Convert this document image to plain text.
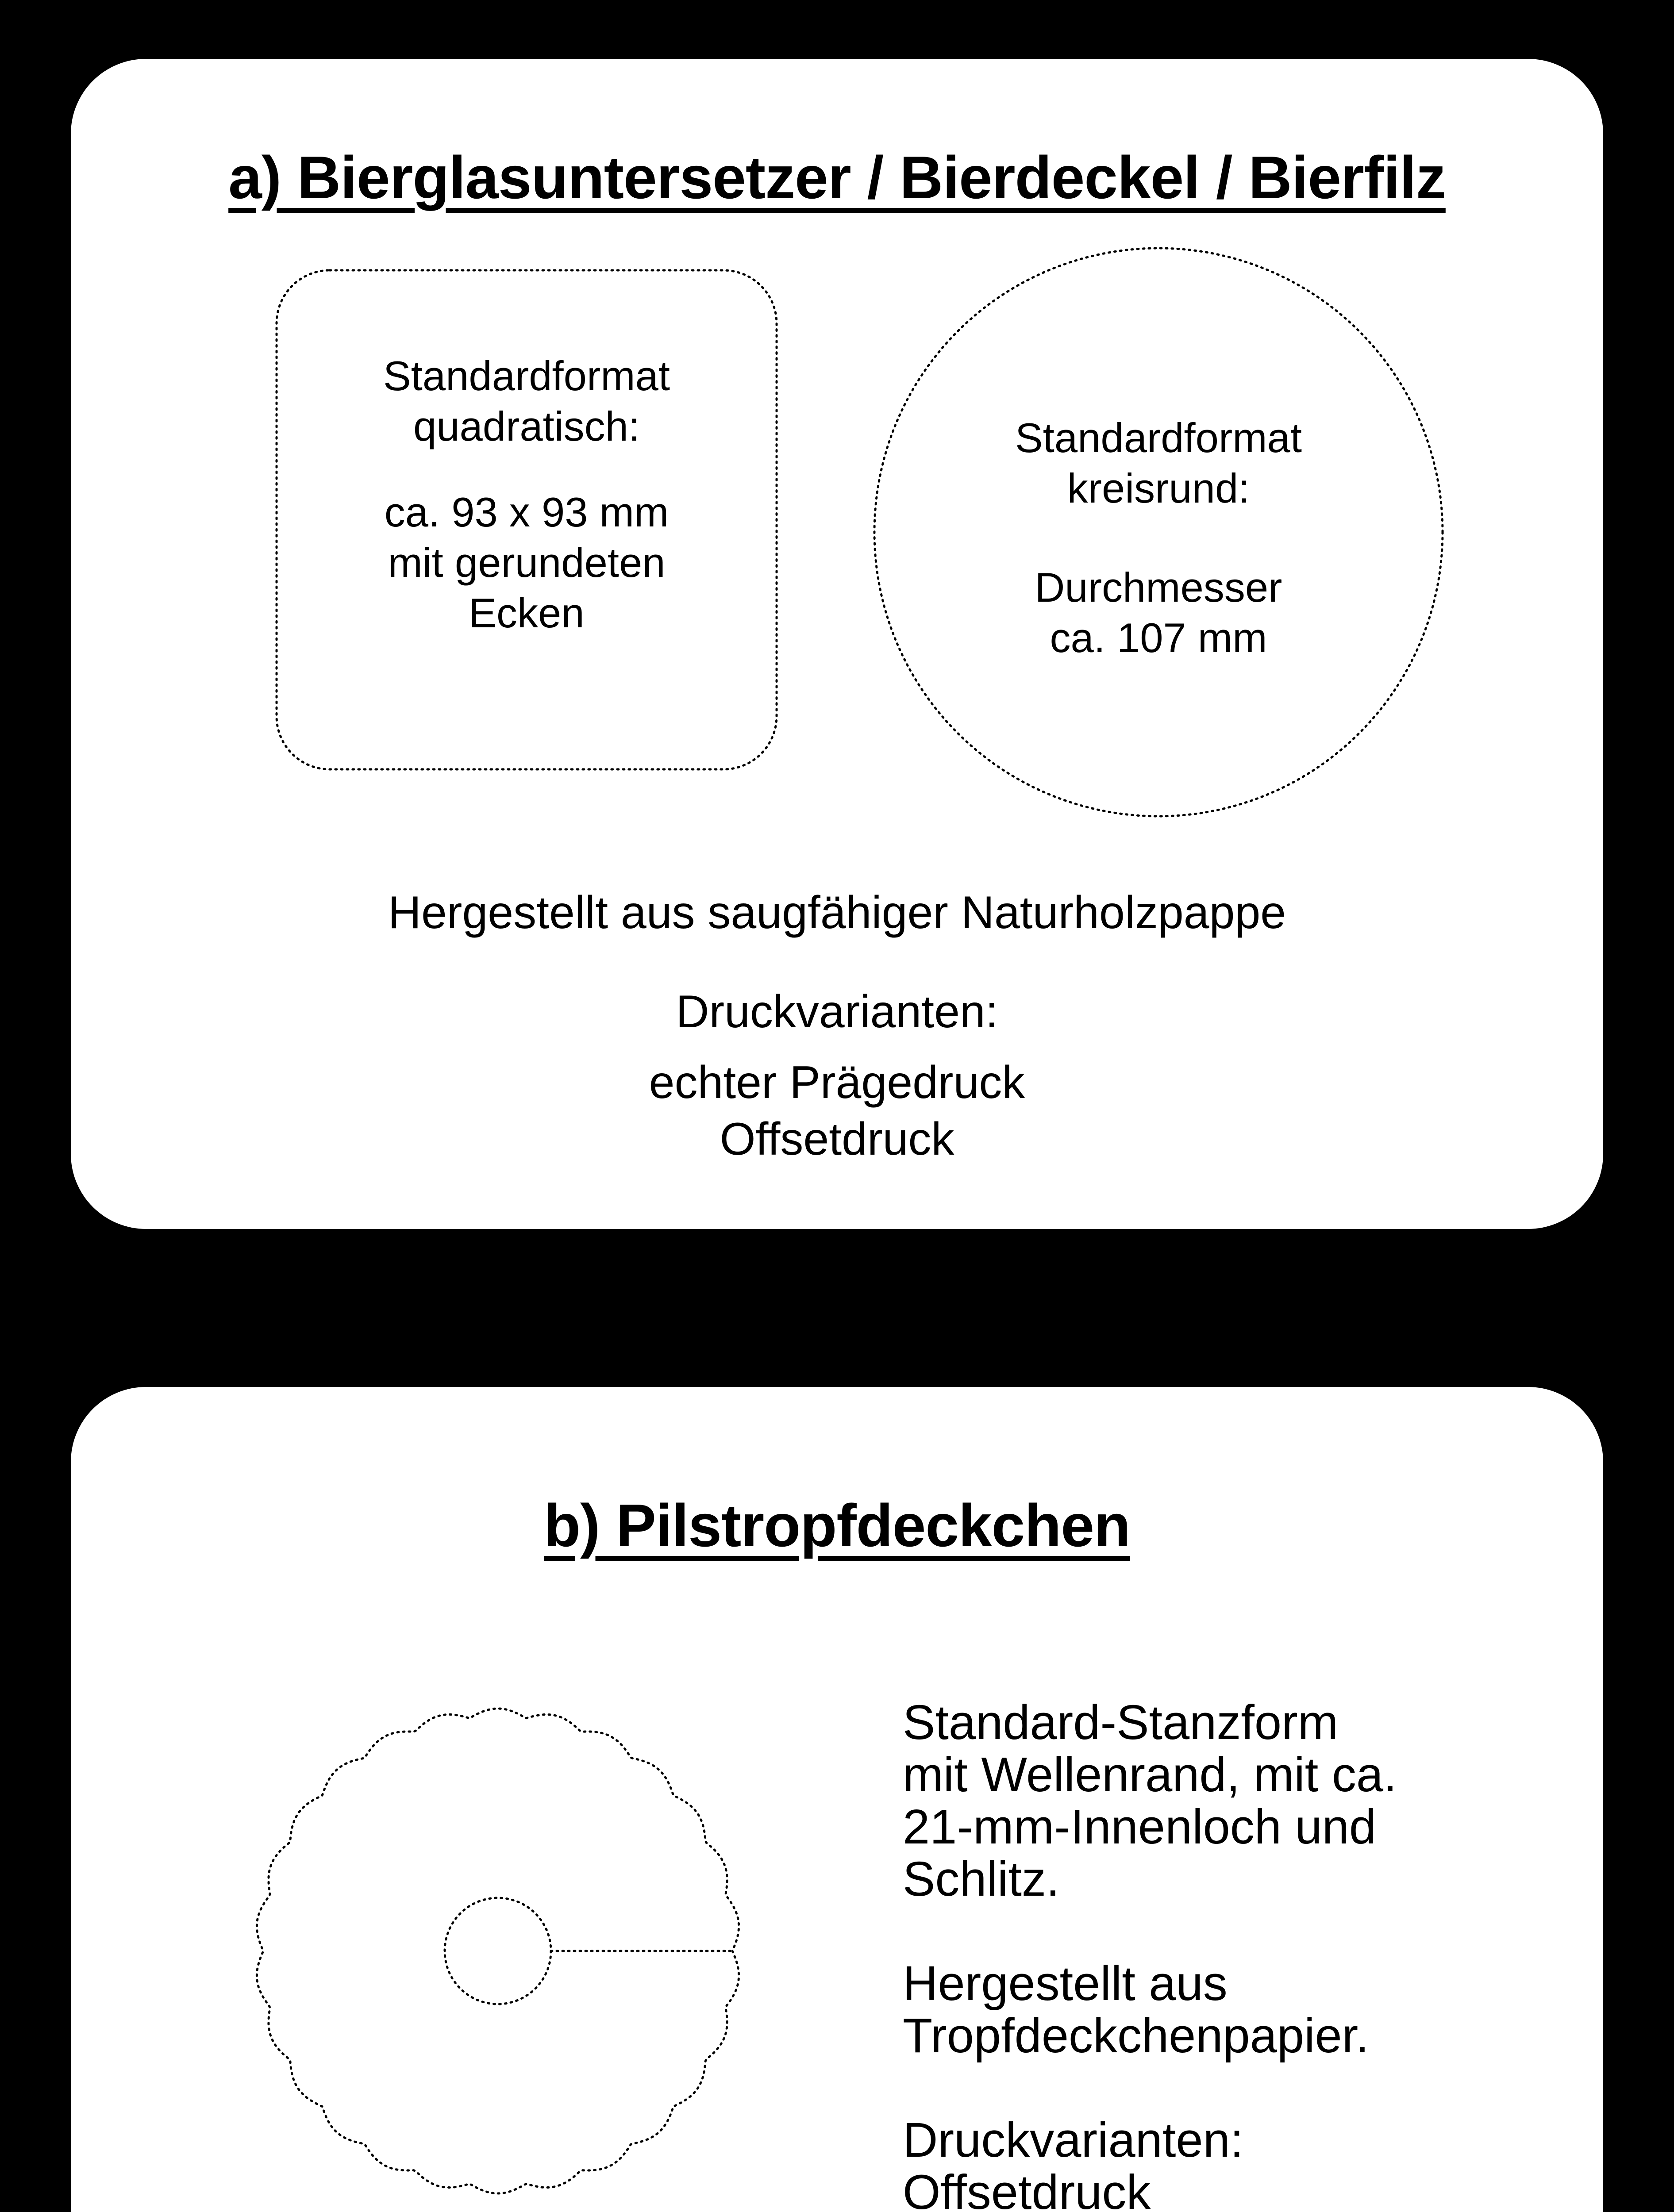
a) Bierglasuntersetzer / Bierdeckel / Bierfilz
Standardformat
quadratisch:
ca. 93 x 93 mm
mit gerundeten
Ecken
Standardformat
kreisrund:
Durchmesser
ca. 107 mm
Hergestellt aus saugfähiger Naturholzpappe
Druckvarianten:
echter Prägedruck
Offsetdruck
b) Pilstropfdeckchen
Standard-Stanzform
mit Wellenrand, mit ca.
21-mm-Innenloch und
Schlitz.
Hergestellt aus
Tropfdeckchenpapier.
Druckvarianten:
Offsetdruck
